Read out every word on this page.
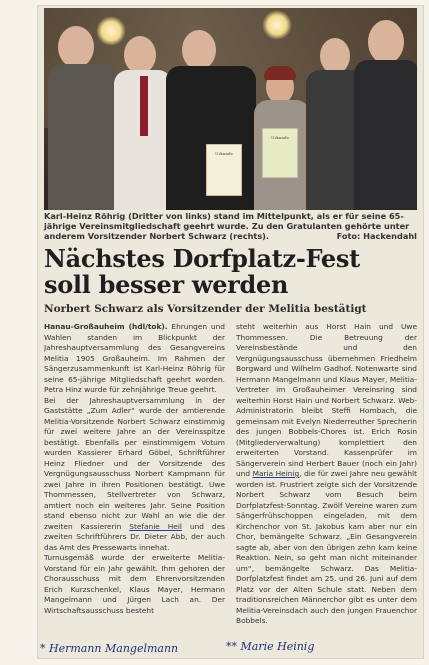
Urkunde
Urkunde
Karl-Heinz Röhrig (Dritter von links) stand im Mittelpunkt, als er für seine 65-jährige Vereinsmitgliedschaft geehrt wurde. Zu den Gratulanten gehörte unter anderem Vorsitzender Norbert Schwarz (rechts).	Foto: Hackendahl
Nächstes Dorfplatz-Fest
soll besser werden
Norbert Schwarz als Vorsitzender der Melitia bestätigt

Hanau-Großauheim (hdl/tok). Ehrungen und Wahlen standen im Blickpunkt der Jahreshauptversammlung des Gesangvereins Melitia 1905 Großauheim. Im Rahmen der Sängerzusammenkunft ist Karl-Heinz Röhrig für seine 65-jährige Mitgliedschaft geehrt worden. Petra Hinz wurde für zehnjährige Treue geehrt.

Bei der Jahreshauptversammlung in der Gaststätte „Zum Adler“ wurde der amtierende Melitia-Vorsitzende Norbert Schwarz einstimmig für zwei weitere Jahre an der Vereinsspitze bestätigt. Ebenfalls per einstimmigem Votum wurden Kassierer Erhard Göbel, Schriftführer Heinz Fliedner und der Vorsitzende des Vergnügungsausschuss Norbert Kampmann für zwei Jahre in ihren Positionen bestätigt. Uwe Thommessen, Stellvertreter von Schwarz, amtiert noch ein weiteres Jahr. Seine Position stand ebenso nicht zur Wahl an wie die der zweiten Kassiererin Stefanie Heil und des zweiten Schriftführers Dr. Dieter Abb, der auch das Amt des Pressewarts innehat.

Turnusgemäß wurde der erweiterte Melitia-Vorstand für ein Jahr gewählt. Ihm gehoren der Chorausschuss mit dem Ehrenvorsitzenden Erich Kurzschenkel, Klaus Mayer, Hermann Mangelmann und Jürgen Lach an. Der Wirtschaftsausschuss besteht

steht weiterhin aus Horst Hain und Uwe Thommessen. Die Betreuung der Vereinsbestände und den Vergnügungsausschuss übernehmen Friedhelm Borgward und Wilhelm Gadhof. Notenwarte sind Hermann Mangelmann und Klaus Mayer, Melitia-Vertreter im Großauheimer Vereinsring sind weiterhin Horst Hain und Norbert Schwarz. Web-Administratorin bleibt Steffi Hombach, die gemeinsam mit Evelyn Niederreuther Sprecherin des jungen Bobbels-Chores ist. Erich Rosin (Mitgliederverwaltung) komplettiert den erweiterten Vorstand. Kassenprüfer im Sängerverein sind Herbert Bauer (noch ein Jahr) und Maria Heinig, die für zwei Jahre neu gewählt worden ist. Frustriert zeigte sich der Vorsitzende Norbert Schwarz vom Besuch beim Dorfplatzfest-Sonntag. Zwölf Vereine waren zum Sängerfrühschoppen eingeladen, mit dem Kirchenchor von St. Jakobus kam aber nur ein Chor, bemängelte Schwarz. „Ein Gesangverein sagte ab, aber von den übrigen zehn kam keine Reaktion. Nein, so geht man nicht miteinander um“, bemängelte Schwarz. Das Melitia-Dorfplatzfest findet am 25. und 26. Juni auf dem Platz vor der Alten Schule statt. Neben dem traditionsreichen Männerchor gibt es unter dem Melitia-Vereinsdach auch den jungen Frauenchor Bobbels.

* Hermann Mangelmann	** Marie Heinig
